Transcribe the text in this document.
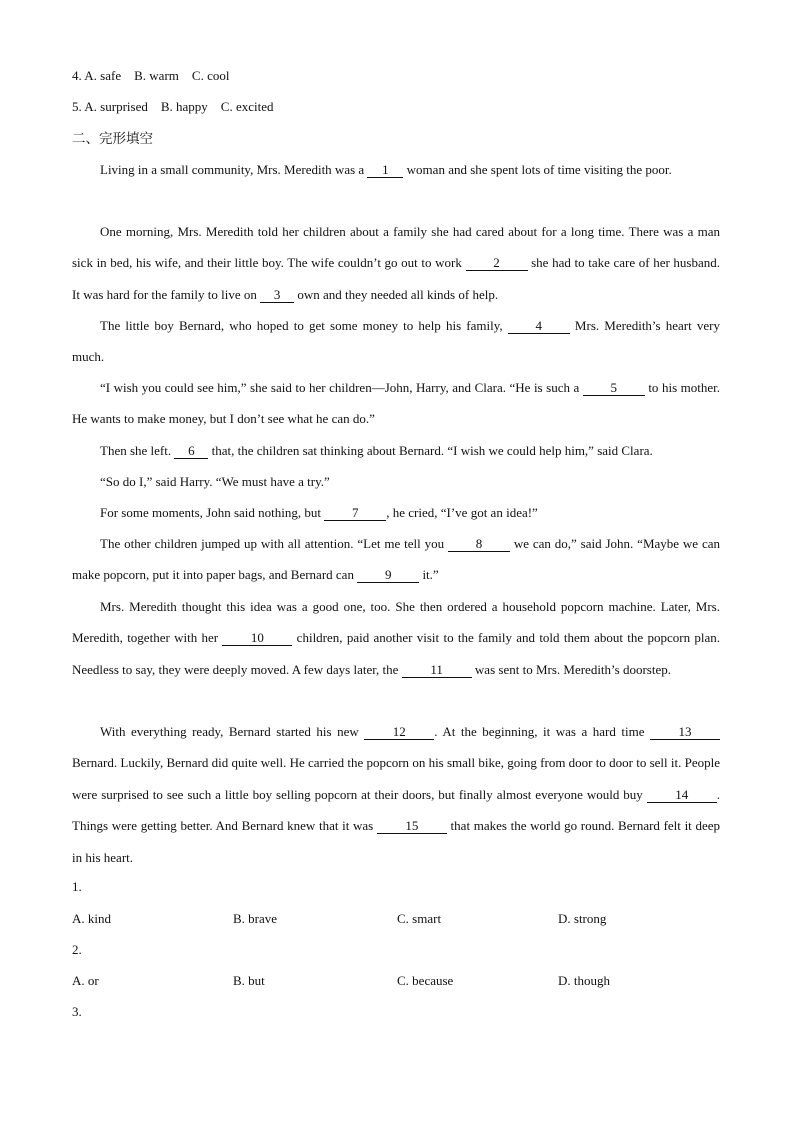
4. A. safe B. warm C. cool
5. A. surprised B. happy C. excited
二、完形填空
Living in a small community, Mrs. Meredith was a 1 woman and she spent lots of time visiting the poor.
One morning, Mrs. Meredith told her children about a family she had cared about for a long time. There was a man sick in bed, his wife, and their little boy. The wife couldn’t go out to work 2 she had to take care of her husband. It was hard for the family to live on 3 own and they needed all kinds of help.
The little boy Bernard, who hoped to get some money to help his family, 4 Mrs. Meredith’s heart very much.
“I wish you could see him,” she said to her children—John, Harry, and Clara. “He is such a 5 to his mother. He wants to make money, but I don’t see what he can do.”
Then she left. 6 that, the children sat thinking about Bernard. “I wish we could help him,” said Clara.
“So do I,” said Harry. “We must have a try.”
For some moments, John said nothing, but 7 , he cried, “I’ve got an idea!”
The other children jumped up with all attention. “Let me tell you 8 we can do,” said John. “Maybe we can make popcorn, put it into paper bags, and Bernard can 9 it.”
Mrs. Meredith thought this idea was a good one, too. She then ordered a household popcorn machine. Later, Mrs. Meredith, together with her 10 children, paid another visit to the family and told them about the popcorn plan. Needless to say, they were deeply moved. A few days later, the 11 was sent to Mrs. Meredith’s doorstep.
With everything ready, Bernard started his new 12 . At the beginning, it was a hard time 13 Bernard. Luckily, Bernard did quite well. He carried the popcorn on his small bike, going from door to door to sell it. People were surprised to see such a little boy selling popcorn at their doors, but finally almost everyone would buy 14 . Things were getting better. And Bernard knew that it was 15 that makes the world go round. Bernard felt it deep in his heart.
1.
A. kind	B. brave	C. smart	D. strong
2.
A. or	B. but	C. because	D. though
3.
